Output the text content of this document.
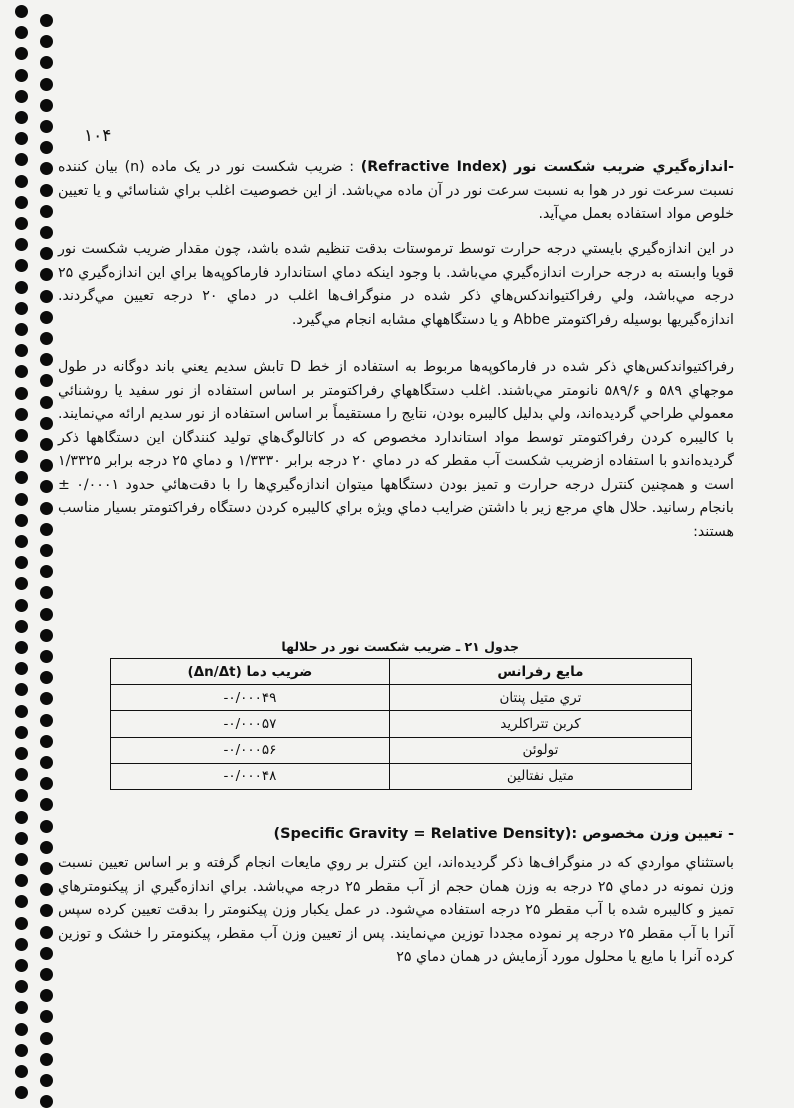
۱۰۴
-اندازه‌گيري ضريب شکست نور (Refractive Index) : ضريب شکست نور در يک ماده (n) بيان کننده نسبت سرعت نور در هوا به نسبت سرعت نور در آن ماده مي‌باشد. از اين خصوصيت اغلب براي شناسائي و يا تعيين خلوص مواد استفاده بعمل مي‌آيد.
در اين اندازه‌گيري بايستي درجه حرارت توسط ترموستات بدقت تنظيم شده باشد، چون مقدار ضريب شکست نور قويا وابسته به درجه حرارت اندازه‌گيري مي‌باشد. با وجود اينکه دماي استاندارد فارماکوپه‌ها براي اين اندازه‌گيري ۲۵ درجه مي‌باشد، ولي رفراکتيواندکس‌هاي ذکر شده در منوگراف‌ها اغلب در دماي ۲۰ درجه تعيين مي‌گردند. اندازه‌گيريها بوسيله رفراکتومتر Abbe و يا دستگاههاي مشابه انجام مي‌گيرد.
رفراکتيواندکس‌هاي ذکر شده در فارماکوپه‌ها مربوط به استفاده از خط D تابش سديم يعني باند دوگانه در طول موجهاي ۵۸۹ و ۵۸۹/۶ نانومتر مي‌باشند. اغلب دستگاههاي رفراکتومتر بر اساس استفاده از نور سفيد يا روشنائي معمولي طراحي گرديده‌اند، ولي بدليل کاليبره بودن، نتايج را مستقيماً بر اساس استفاده از نور سديم ارائه مي‌نمايند. با کاليبره کردن رفراکتومتر توسط مواد استاندارد مخصوص که در کاتالوگ‌هاي توليد کنندگان اين دستگاهها ذکر گرديده‌اندو با استفاده ازضريب شکست آب مقطر که در دماي ۲۰ درجه برابر ۱/۳۳۳۰ و دماي ۲۵ درجه برابر ۱/۳۳۲۵ است و همچنين کنترل درجه حرارت و تميز بودن دستگاهها ميتوان اندازه‌گيري‌ها را با دقت‌هائي حدود ۰/۰۰۰۱ ± بانجام رسانيد. حلال هاي مرجع زير با داشتن ضرايب دماي ويژه براي کاليبره کردن دستگاه رفراکتومتر بسيار مناسب هستند:
جدول ۲۱ ـ ضريب شکست نور در حلالها
مايع رفرانس	ضريب دما (Δn/Δt)
تري متيل پنتان	-۰/۰۰۰۴۹
کربن تتراکلريد	-۰/۰۰۰۵۷
تولوئن	-۰/۰۰۰۵۶
متيل نفتالين	-۰/۰۰۰۴۸
- تعيين وزن مخصوص (Specific Gravity = Relative Density):
باستثناي مواردي که در منوگراف‌ها ذکر گرديده‌اند، اين کنترل بر روي مايعات انجام گرفته و بر اساس تعيين نسبت وزن نمونه در دماي ۲۵ درجه به وزن همان حجم از آب مقطر ۲۵ درجه مي‌باشد. براي اندازه‌گيري از پيکنومترهاي تميز و کاليبره شده با آب مقطر ۲۵ درجه استفاده مي‌شود. در عمل يکبار وزن پيکنومتر را بدقت تعيين کرده سپس آنرا با آب مقطر ۲۵ درجه پر نموده مجددا توزين مي‌نمايند. پس از تعيين وزن آب مقطر، پيکنومتر را خشک و توزين کرده آنرا با مايع يا محلول مورد آزمايش در همان دماي ۲۵
